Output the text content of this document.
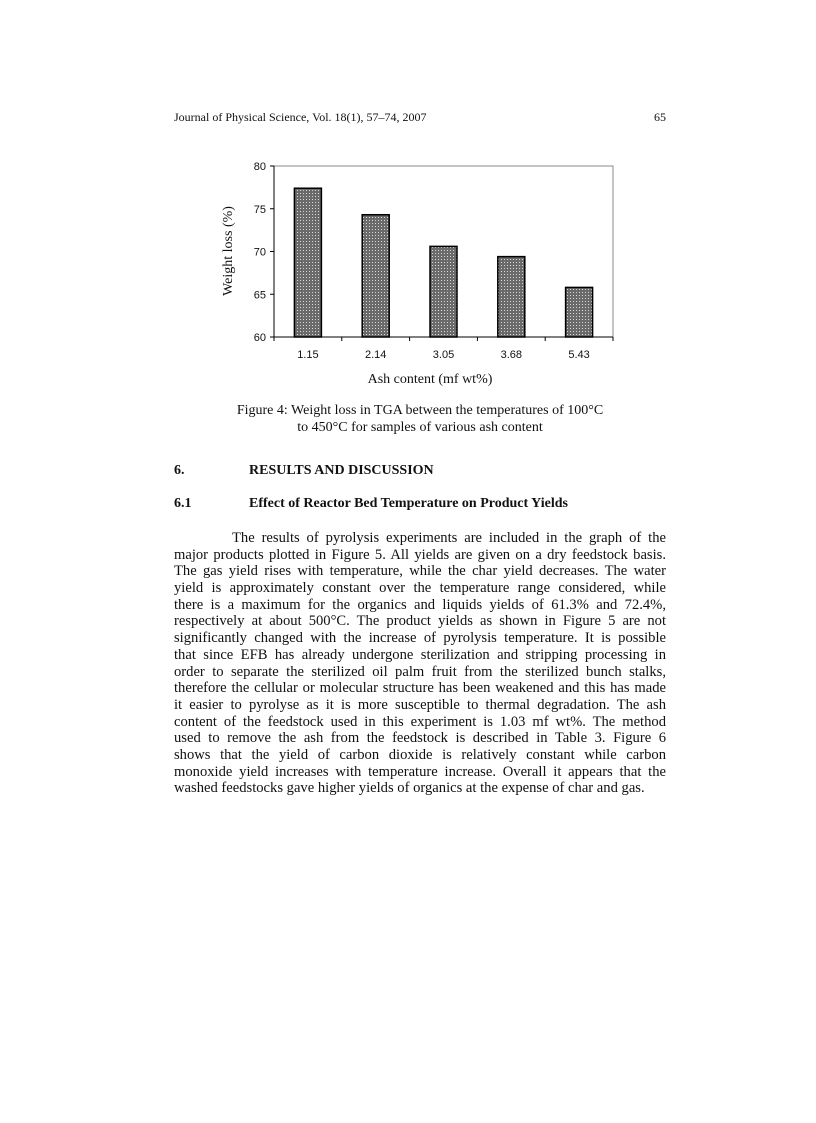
Journal of Physical Science, Vol. 18(1), 57–74, 2007	65
60
65
70
75
80
1.15	2.14	3.05	3.68	5.43
Weight loss (%)
Ash content (mf wt%)
Figure 4: Weight loss in TGA between the temperatures of 100°C
to 450°C for samples of various ash content
6.	RESULTS AND DISCUSSION
6.1	Effect of Reactor Bed Temperature on Product Yields
The results of pyrolysis experiments are included in the graph of the
major products plotted in Figure 5. All yields are given on a dry feedstock basis.
The gas yield rises with temperature, while the char yield decreases. The water
yield is approximately constant over the temperature range considered, while
there is a maximum for the organics and liquids yields of 61.3% and 72.4%,
respectively at about 500°C. The product yields as shown in Figure 5 are not
significantly changed with the increase of pyrolysis temperature. It is possible
that since EFB has already undergone sterilization and stripping processing in
order to separate the sterilized oil palm fruit from the sterilized bunch stalks,
therefore the cellular or molecular structure has been weakened and this has made
it easier to pyrolyse as it is more susceptible to thermal degradation. The ash
content of the feedstock used in this experiment is 1.03 mf wt%. The method
used to remove the ash from the feedstock is described in Table 3. Figure 6
shows that the yield of carbon dioxide is relatively constant while carbon
monoxide yield increases with temperature increase. Overall it appears that the
washed feedstocks gave higher yields of organics at the expense of char and gas.
